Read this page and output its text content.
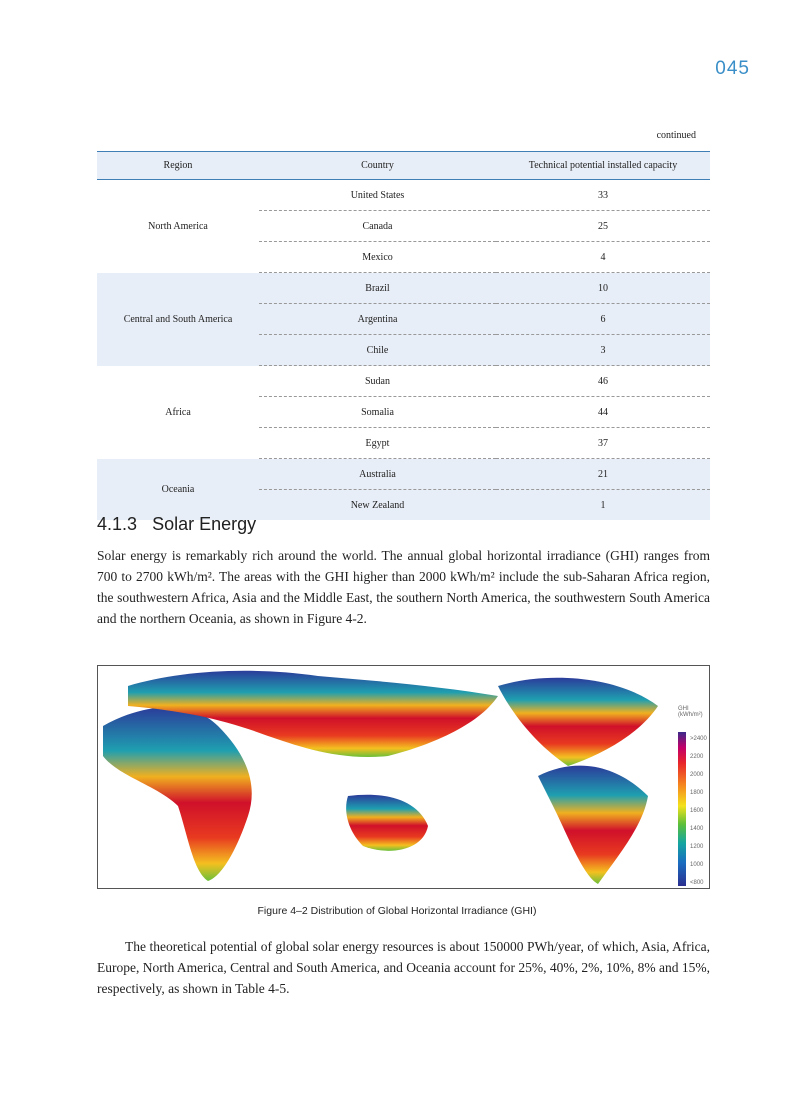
045
continued
Region	Country	Technical potential installed capacity
North America	United States	33
	Canada	25
	Mexico	4
Central and South America	Brazil	10
	Argentina	6
	Chile	3
Africa	Sudan	46
	Somalia	44
	Egypt	37
Oceania	Australia	21
	New Zealand	1
4.1.3 Solar Energy

Solar energy is remarkably rich around the world. The annual global horizontal irradiance (GHI) ranges from 700 to 2700 kWh/m². The areas with the GHI higher than 2000 kWh/m² include the sub-Saharan Africa region, the southwestern Africa, Asia and the Middle East, the southern North America, the southwestern South America and the northern Oceania, as shown in Figure 4-2.

GHI
(kWh/m²)
>2400
2200
2000
1800
1600
1400
1200
1000
<800
Figure 4–2 Distribution of Global Horizontal Irradiance (GHI)

The theoretical potential of global solar energy resources is about 150000 PWh/year, of which, Asia, Africa, Europe, North America, Central and South America, and Oceania account for 25%, 40%, 2%, 10%, 8% and 15%, respectively, as shown in Table 4-5.
